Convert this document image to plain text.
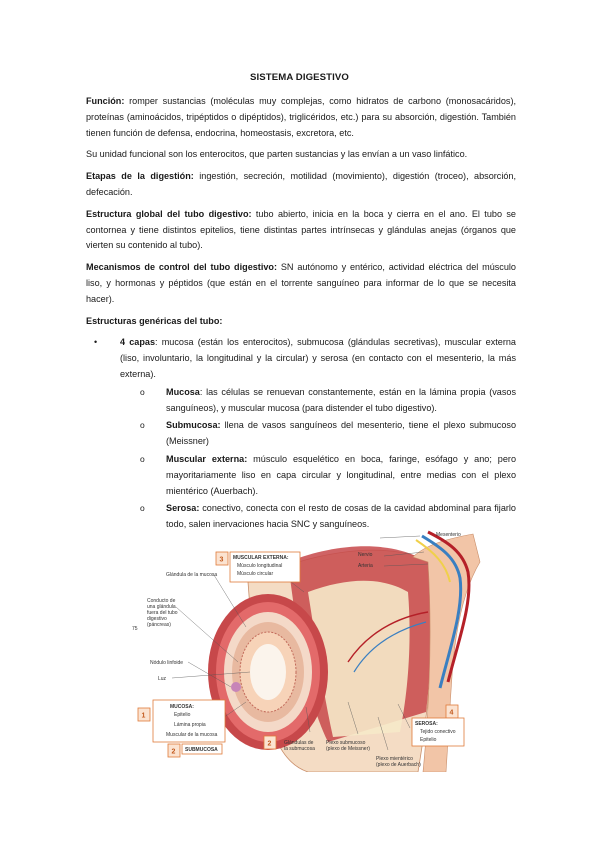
SISTEMA DIGESTIVO

Función: romper sustancias (moléculas muy complejas, como hidratos de carbono (monosacáridos), proteínas (aminoácidos, tripéptidos o dipéptidos), triglicéridos, etc.) para su absorción, digestión. También tienen función de defensa, endocrina, homeostasis, excretora, etc.

Su unidad funcional son los enterocitos, que parten sustancias y las envían a un vaso linfático.

Etapas de la digestión: ingestión, secreción, motilidad (movimiento), digestión (troceo), absorción, defecación.

Estructura global del tubo digestivo: tubo abierto, inicia en la boca y cierra en el ano. El tubo se contornea y tiene distintos epitelios, tiene distintas partes intrínsecas y glándulas anejas (órganos que vierten su contenido al tubo).

Mecanismos de control del tubo digestivo: SN autónomo y entérico, actividad eléctrica del músculo liso, y hormonas y péptidos (que están en el torrente sanguíneo para informar de lo que se necesita hacer).

Estructuras genéricas del tubo:

•	4 capas: mucosa (están los enterocitos), submucosa (glándulas secretivas), muscular externa (liso, involuntario, la longitudinal y la circular) y serosa (en contacto con el mesenterio, la más externa).
o Mucosa: las células se renuevan constantemente, están en la lámina propia (vasos sanguíneos), y muscular mucosa (para distender el tubo digestivo).
o Submucosa: llena de vasos sanguíneos del mesenterio, tiene el plexo submucoso (Meissner)
o Muscular externa: músculo esquelético en boca, faringe, esófago y ano; pero mayoritariamente liso en capa circular y longitudinal, entre medias con el plexo mientérico (Auerbach).
o Serosa: conectivo, conecta con el resto de cosas de la cavidad abdominal para fijarlo todo, salen inervaciones hacia SNC y sanguíneos.
3 MUSCULAR EXTERNA:
Músculo longitudinal
Músculo circular
1
MUCOSA:
Epitelio
Lámina propia
Muscular de la mucosa
2 SUBMUCOSA
2
4
SEROSA:
Tejido conectivo
Epitelio
Mesenterio
Nervio
Arteria
Glándula de la mucosa
Conducto de
una glándula
fuera del tubo
digestivo
(páncreas)
75
Nódulo linfoide
Luz
Glándulas de
la submucosa
Plexo submucoso
(plexo de Meissner)
Plexo mientérico
(plexo de Auerbach)
